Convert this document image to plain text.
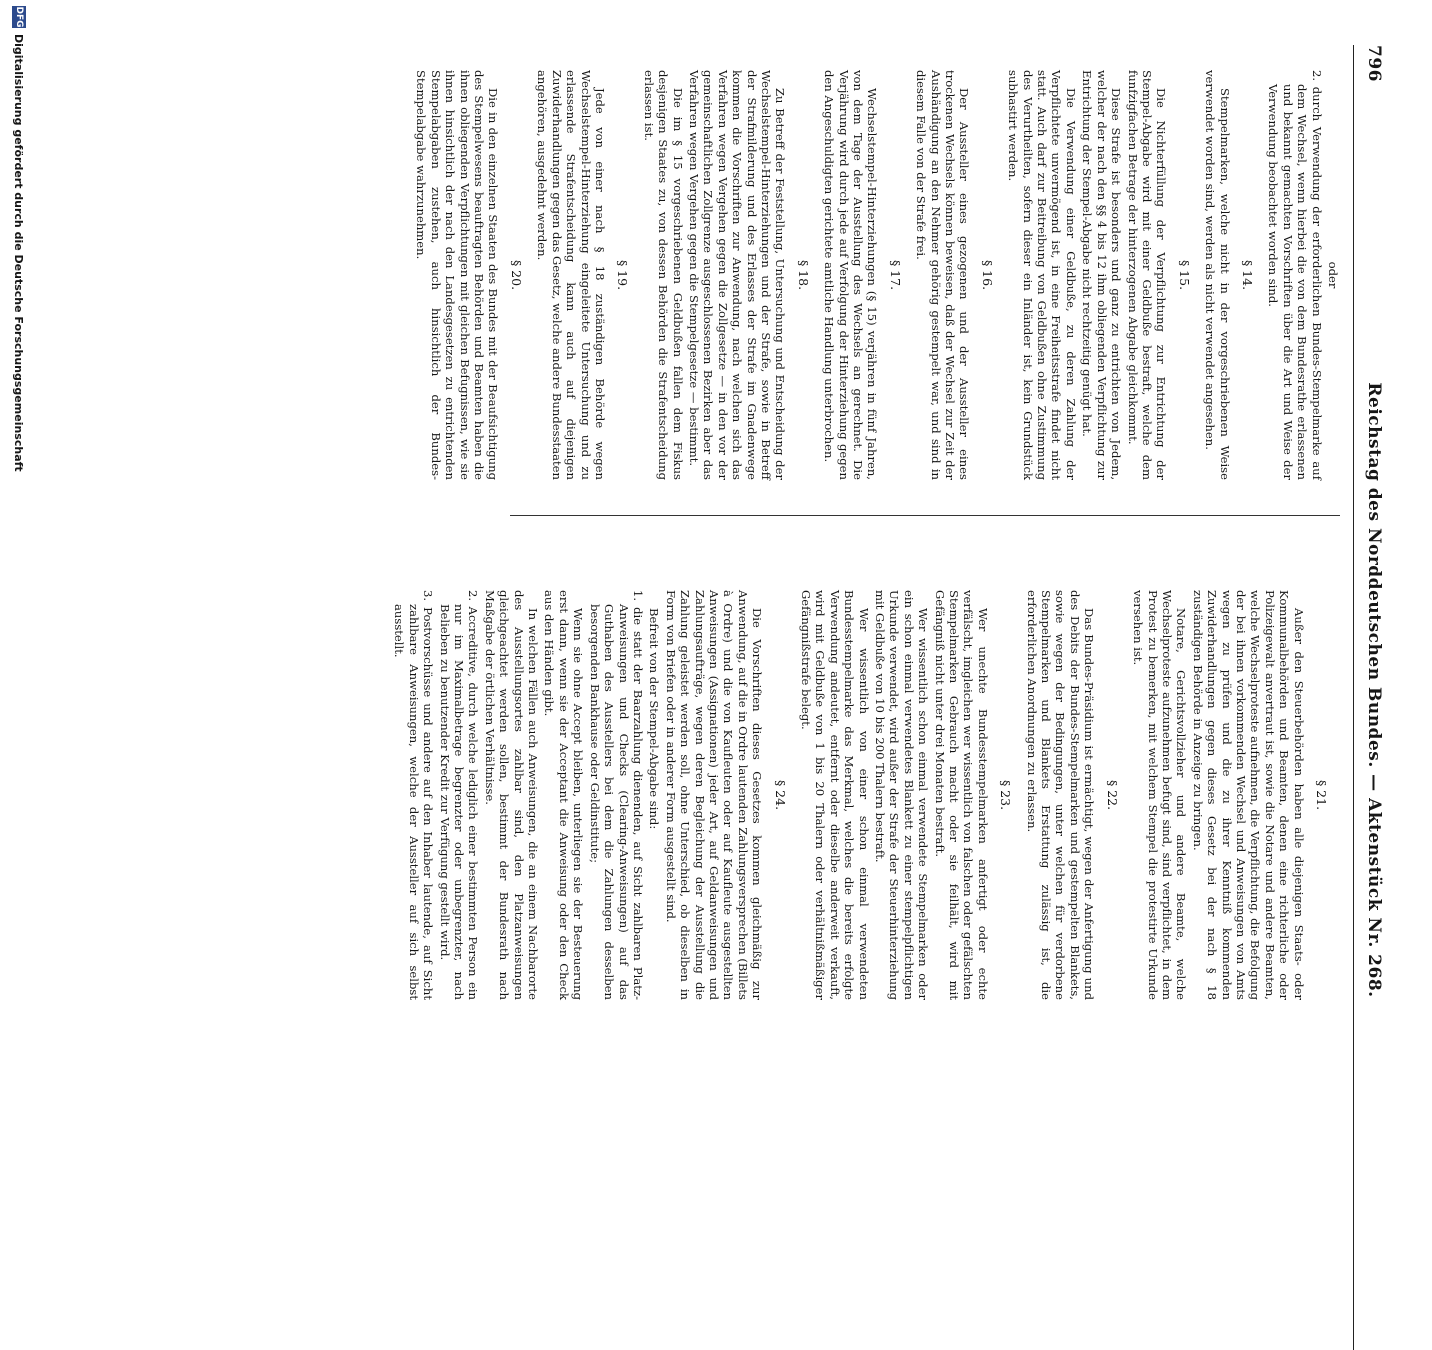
796
Reichstag des Norddeutschen Bundes. — Aktenstück Nr. 268.

oder

2. durch Verwendung der erforderlichen Bundes-Stempelmarke auf dem Wechsel, wenn hierbei die von dem Bundesrathe erlassenen und bekannt gemachten Vorschriften über die Art und Weise der Verwendung beobachtet worden sind.

§ 14.

Stempelmarken, welche nicht in der vorgeschriebenen Weise verwendet worden sind, werden als nicht verwendet angesehen.

§ 15.

Die Nichterfüllung der Verpflichtung zur Entrichtung der Stempel-Abgabe wird mit einer Geldbuße bestraft, welche dem funfzigfachen Betrage der hinterzogenen Abgabe gleichkommt.

Diese Strafe ist besonders und ganz zu entrichten von Jedem, welcher der nach den §§ 4 bis 12 ihm obliegenden Verpflichtung zur Entrichtung der Stempel-Abgabe nicht rechtzeitig genügt hat.

Die Verwendung einer Geldbuße, zu deren Zahlung der Verpflichtete unvermögend ist, in eine Freiheitsstrafe findet nicht statt. Auch darf zur Beitreibung von Geldbußen ohne Zustimmung des Verurtheilten, sofern dieser ein Inländer ist, kein Grundstück subhastirt werden.

§ 16.

Der Aussteller eines gezogenen und der Aussteller eines trockenen Wechsels können beweisen, daß der Wechsel zur Zeit der Aushändigung an den Nehmer gehörig gestempelt war, und sind in diesem Falle von der Strafe frei.

§ 17.

Wechselstempel-Hinterziehungen (§ 15) verjähren in fünf Jahren, von dem Tage der Ausstellung des Wechsels an gerechnet. Die Verjährung wird durch jede auf Verfolgung der Hinterziehung gegen den Angeschuldigten gerichtete amtliche Handlung unterbrochen.

§ 18.

Zu Betreff der Feststellung, Untersuchung und Entscheidung der Wechselstempel-Hinterziehungen und der Strafe, sowie in Betreff der Strafmilderung und des Erlasses der Strafe im Gnadenwege kommen die Vorschriften zur Anwendung, nach welchen sich das Verfahren wegen Vergehen gegen die Zollgesetze — in den vor der gemeinschaftlichen Zollgrenze ausgeschlossenen Bezirken aber das Verfahren wegen Vergehen gegen die Stempelgesetze — bestimmt.

Die im § 15 vorgeschriebenen Geldbußen fallen dem Fiskus desjenigen Staates zu, von dessen Behörden die Strafentscheidung erlassen ist.

§ 19.

Jede von einer nach § 18 zuständigen Behörde wegen Wechselstempel-Hinterziehung eingeleitete Untersuchung und zu erlassende Strafentscheidung kann auch auf diejenigen Zuwiderhandlungen gegen das Gesetz, welche andere Bundesstaaten angehören, ausgedehnt werden.

§ 20.

Die in den einzelnen Staaten des Bundes mit der Beaufsichtigung des Stempelwesens beauftragten Behörden und Beamten haben die ihnen obliegenden Verpflichtungen mit gleichen Befugnissen, wie sie ihnen hinsichtlich der nach den Landesgesetzen zu entrichtenden Stempelabgaben zustehen, auch hinsichtlich der Bundes-Stempelabgabe wahrzunehmen.

§ 21.

Außer den Steuerbehörden haben alle diejenigen Staats- oder Kommunalbehörden und Beamten, denen eine richterliche oder Polizeigewalt anvertraut ist, sowie die Notare und andere Beamten, welche Wechselproteste aufnehmen, die Verpflichtung, die Befolgung der bei ihnen vorkommenden Wechsel und Anweisungen von Amts wegen zu prüfen und die zu ihrer Kenntniß kommenden Zuwiderhandlungen gegen dieses Gesetz bei der nach § 18 zuständigen Behörde in Anzeige zu bringen.

Notare, Gerichtsvollzieher und andere Beamte, welche Wechselproteste aufzunehmen befugt sind, sind verpflichtet, in dem Protest zu bemerken, mit welchem Stempel die protestirte Urkunde versehen ist.

§ 22.

Das Bundes-Präsidium ist ermächtigt, wegen der Anfertigung und des Debits der Bundes-Stempelmarken und gestempelten Blankets, sowie wegen der Bedingungen, unter welchen für verdorbene Stempelmarken und Blankets Erstattung zulässig ist, die erforderlichen Anordnungen zu erlassen.

§ 23.

Wer unechte Bundesstempelmarken anfertigt oder echte verfälscht, imgleichen wer wissentlich von falschen oder gefälschten Stempelmarken Gebrauch macht oder sie feilhält, wird mit Gefängniß nicht unter drei Monaten bestraft.

Wer wissentlich schon einmal verwendete Stempelmarken oder ein schon einmal verwendetes Blankett zu einer stempelpflichtigen Urkunde verwendet, wird außer der Strafe der Steuerhinterziehung mit Geldbuße von 10 bis 200 Thalern bestraft.

Wer wissentlich von einer schon einmal verwendeten Bundesstempelmarke das Merkmal, welches die bereits erfolgte Verwendung andeutet, entfernt oder dieselbe anderweit verkauft, wird mit Geldbuße von 1 bis 20 Thalern oder verhältnißmäßiger Gefängnißstrafe belegt.

§ 24.

Die Vorschriften dieses Gesetzes kommen gleichmäßig zur Anwendung, auf die in Ordre lautenden Zahlungsversprechen (Billets à Ordre) und die von Kaufleuten oder auf Kaufleute ausgestellten Anweisungen (Assignationen) jeder Art, auf Geldanweisungen und Zahlungsaufträge, wegen deren Begleichung der Ausstellung die Zahlung geleistet werden soll, ohne Unterschied, ob dieselben in Form von Briefen oder in anderer Form ausgestellt sind.

Befreit von der Stempel-Abgabe sind:

1. die statt der Baarzahlung dienenden, auf Sicht zahlbaren Platz-Anweisungen und Checks (Clearing-Anweisungen) auf das Guthaben des Ausstellers bei dem die Zahlungen desselben besorgenden Bankhause oder Geldinstitute;

Wenn sie ohne Accept bleiben, unterliegen sie der Besteuerung erst dann, wenn sie der Acceptant die Anweisung oder den Check aus den Händen gibt.

In welchen Fällen auch Anweisungen, die an einem Nachbarorte des Ausstellungsortes zahlbar sind, den Platzanweisungen gleichgeachtet werden sollen, bestimmt der Bundesrath nach Maßgabe der örtlichen Verhältnisse.

2. Accreditive, durch welche lediglich einer bestimmten Person ein nur im Maximalbetrage begrenzter oder unbegrenzter, nach Belieben zu benutzender Kredit zur Verfügung gestellt wird.

3. Postvorschüsse und andere auf den Inhaber lautende, auf Sicht zahlbare Anweisungen, welche der Aussteller auf sich selbst ausstellt.

DFG
Digitalisierung gefördert durch die Deutsche Forschungsgemeinschaft
